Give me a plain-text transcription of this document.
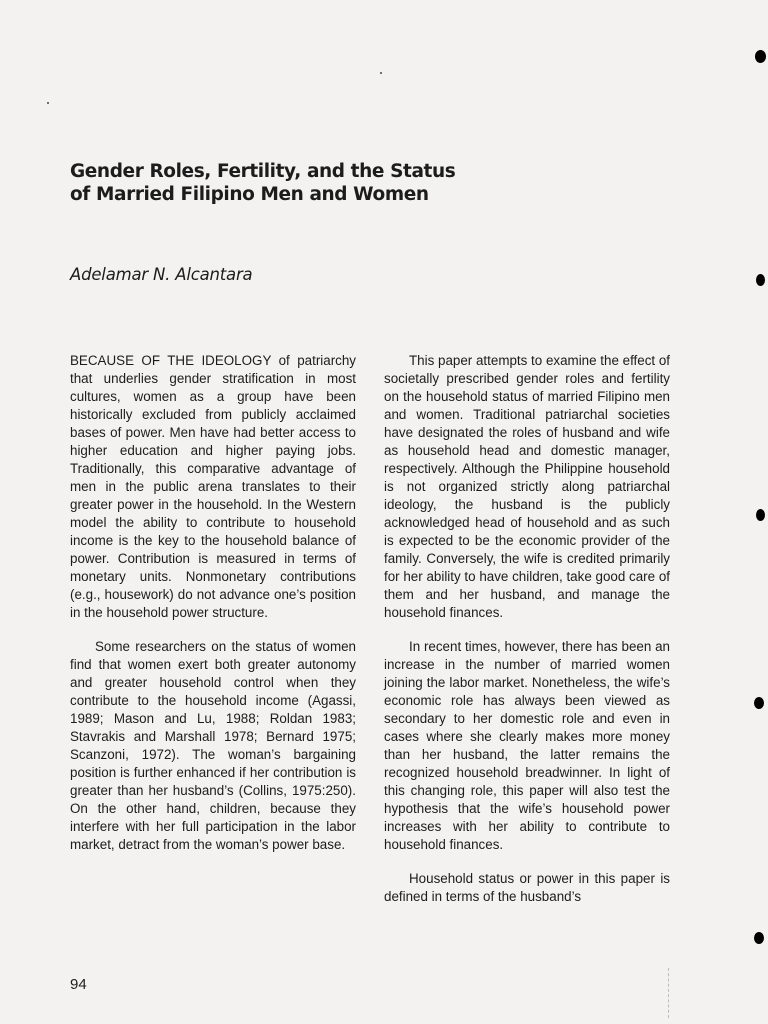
Gender Roles, Fertility, and the Status
of Married Filipino Men and Women
Adelamar N. Alcantara

BECAUSE OF THE IDEOLOGY of patriarchy that underlies gender stratification in most cultures, women as a group have been historically excluded from publicly acclaimed bases of power. Men have had better access to higher education and higher paying jobs. Traditionally, this comparative advantage of men in the public arena translates to their greater power in the household. In the Western model the ability to contribute to household income is the key to the household balance of power. Contribution is measured in terms of monetary units. Nonmonetary contributions (e.g., housework) do not advance one’s position in the household power structure.

Some researchers on the status of women find that women exert both greater autonomy and greater household control when they contribute to the household income (Agassi, 1989; Mason and Lu, 1988; Roldan 1983; Stavrakis and Marshall 1978; Bernard 1975; Scanzoni, 1972). The woman’s bargaining position is further enhanced if her contribution is greater than her husband’s (Collins, 1975:250). On the other hand, children, because they interfere with her full participation in the labor market, detract from the woman’s power base.

This paper attempts to examine the effect of societally prescribed gender roles and fertility on the household status of married Filipino men and women. Traditional patriarchal societies have designated the roles of husband and wife as household head and domestic manager, respectively. Although the Philippine household is not organized strictly along patriarchal ideology, the husband is the publicly acknowledged head of household and as such is expected to be the economic provider of the family. Conversely, the wife is credited primarily for her ability to have children, take good care of them and her husband, and manage the household finances.

In recent times, however, there has been an increase in the number of married women joining the labor market. Nonetheless, the wife’s economic role has always been viewed as secondary to her domestic role and even in cases where she clearly makes more money than her husband, the latter remains the recognized household breadwinner. In light of this changing role, this paper will also test the hypothesis that the wife’s household power increases with her ability to contribute to household finances.

Household status or power in this paper is defined in terms of the husband’s

94
